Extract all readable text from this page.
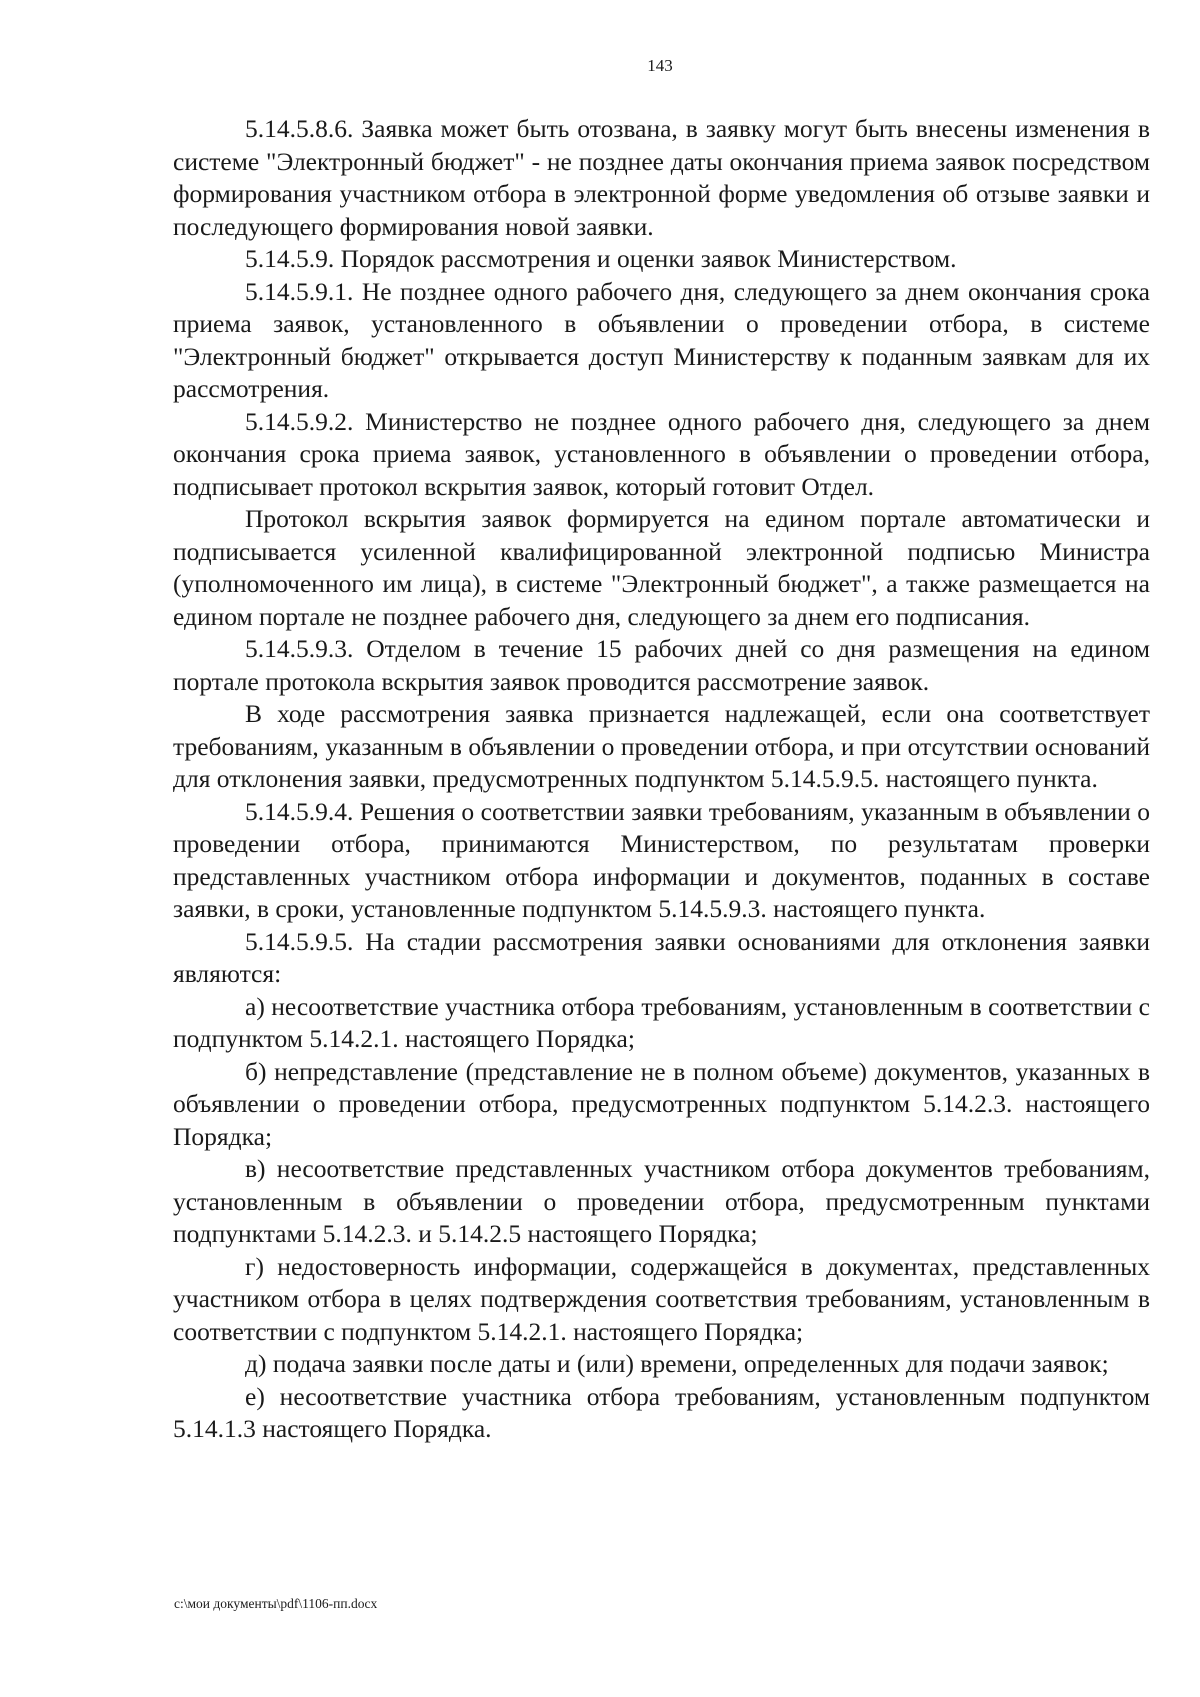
143

5.14.5.8.6. Заявка может быть отозвана, в заявку могут быть внесены изменения в системе "Электронный бюджет" - не позднее даты окончания приема заявок посредством формирования участником отбора в электронной форме уведомления об отзыве заявки и последующего формирования новой заявки.

5.14.5.9. Порядок рассмотрения и оценки заявок Министерством.

5.14.5.9.1. Не позднее одного рабочего дня, следующего за днем окончания срока приема заявок, установленного в объявлении о проведении отбора, в системе "Электронный бюджет" открывается доступ Министерству к поданным заявкам для их рассмотрения.

5.14.5.9.2. Министерство не позднее одного рабочего дня, следующего за днем окончания срока приема заявок, установленного в объявлении о проведении отбора, подписывает протокол вскрытия заявок, который готовит Отдел.

Протокол вскрытия заявок формируется на едином портале автоматически и подписывается усиленной квалифицированной электронной подписью Министра (уполномоченного им лица), в системе "Электронный бюджет", а также размещается на едином портале не позднее рабочего дня, следующего за днем его подписания.

5.14.5.9.3. Отделом в течение 15 рабочих дней со дня размещения на едином портале протокола вскрытия заявок проводится рассмотрение заявок.

В ходе рассмотрения заявка признается надлежащей, если она соответствует требованиям, указанным в объявлении о проведении отбора, и при отсутствии оснований для отклонения заявки, предусмотренных подпунктом 5.14.5.9.5. настоящего пункта.

5.14.5.9.4. Решения о соответствии заявки требованиям, указанным в объявлении о проведении отбора, принимаются Министерством, по результатам проверки представленных участником отбора информации и документов, поданных в составе заявки, в сроки, установленные подпунктом 5.14.5.9.3. настоящего пункта.

5.14.5.9.5. На стадии рассмотрения заявки основаниями для отклонения заявки являются:

а) несоответствие участника отбора требованиям, установленным в соответствии с подпунктом 5.14.2.1. настоящего Порядка;

б) непредставление (представление не в полном объеме) документов, указанных в объявлении о проведении отбора, предусмотренных подпунктом 5.14.2.3. настоящего Порядка;

в) несоответствие представленных участником отбора документов требованиям, установленным в объявлении о проведении отбора, предусмотренным пунктами подпунктами 5.14.2.3. и 5.14.2.5 настоящего Порядка;

г) недостоверность информации, содержащейся в документах, представленных участником отбора в целях подтверждения соответствия требованиям, установленным в соответствии с подпунктом 5.14.2.1. настоящего Порядка;

д) подача заявки после даты и (или) времени, определенных для подачи заявок;

е) несоответствие участника отбора требованиям, установленным подпунктом 5.14.1.3 настоящего Порядка.

c:\мои документы\pdf\1106-пп.docx
